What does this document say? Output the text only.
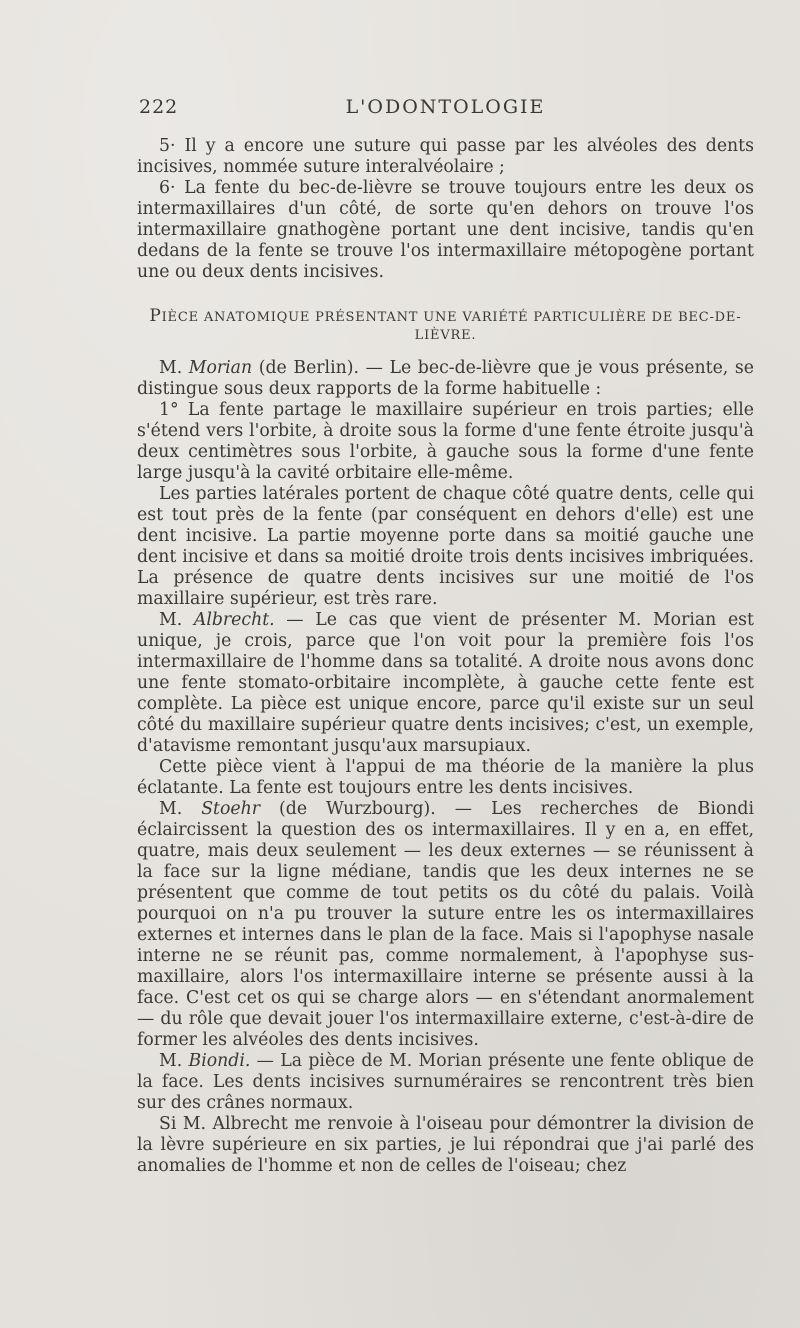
222	L'ODONTOLOGIE

5· Il y a encore une suture qui passe par les alvéoles des dents incisives, nommée suture interalvéolaire ;

6· La fente du bec-de-lièvre se trouve toujours entre les deux os intermaxillaires d'un côté, de sorte qu'en dehors on trouve l'os intermaxillaire gnathogène portant une dent incisive, tandis qu'en dedans de la fente se trouve l'os intermaxillaire métopogène portant une ou deux dents incisives.

PIÈCE ANATOMIQUE PRÉSENTANT UNE VARIÉTÉ PARTICULIÈRE DE BEC-DE-LIÈVRE.

M. Morian (de Berlin). — Le bec-de-lièvre que je vous présente, se distingue sous deux rapports de la forme habituelle :

1° La fente partage le maxillaire supérieur en trois parties; elle s'étend vers l'orbite, à droite sous la forme d'une fente étroite jusqu'à deux centimètres sous l'orbite, à gauche sous la forme d'une fente large jusqu'à la cavité orbitaire elle-même.

Les parties latérales portent de chaque côté quatre dents, celle qui est tout près de la fente (par conséquent en dehors d'elle) est une dent incisive. La partie moyenne porte dans sa moitié gauche une dent incisive et dans sa moitié droite trois dents incisives imbriquées. La présence de quatre dents incisives sur une moitié de l'os maxillaire supérieur, est très rare.

M. Albrecht. — Le cas que vient de présenter M. Morian est unique, je crois, parce que l'on voit pour la première fois l'os intermaxillaire de l'homme dans sa totalité. A droite nous avons donc une fente stomato-orbitaire incomplète, à gauche cette fente est complète. La pièce est unique encore, parce qu'il existe sur un seul côté du maxillaire supérieur quatre dents incisives; c'est, un exemple, d'atavisme remontant jusqu'aux marsupiaux.

Cette pièce vient à l'appui de ma théorie de la manière la plus éclatante. La fente est toujours entre les dents incisives.

M. Stoehr (de Wurzbourg). — Les recherches de Biondi éclaircissent la question des os intermaxillaires. Il y en a, en effet, quatre, mais deux seulement — les deux externes — se réunissent à la face sur la ligne médiane, tandis que les deux internes ne se présentent que comme de tout petits os du côté du palais. Voilà pourquoi on n'a pu trouver la suture entre les os intermaxillaires externes et internes dans le plan de la face. Mais si l'apophyse nasale interne ne se réunit pas, comme normalement, à l'apophyse sus-maxillaire, alors l'os intermaxillaire interne se présente aussi à la face. C'est cet os qui se charge alors — en s'étendant anormalement — du rôle que devait jouer l'os intermaxillaire externe, c'est-à-dire de former les alvéoles des dents incisives.

M. Biondi. — La pièce de M. Morian présente une fente oblique de la face. Les dents incisives surnuméraires se rencontrent très bien sur des crânes normaux.

Si M. Albrecht me renvoie à l'oiseau pour démontrer la division de la lèvre supérieure en six parties, je lui répondrai que j'ai parlé des anomalies de l'homme et non de celles de l'oiseau; chez
